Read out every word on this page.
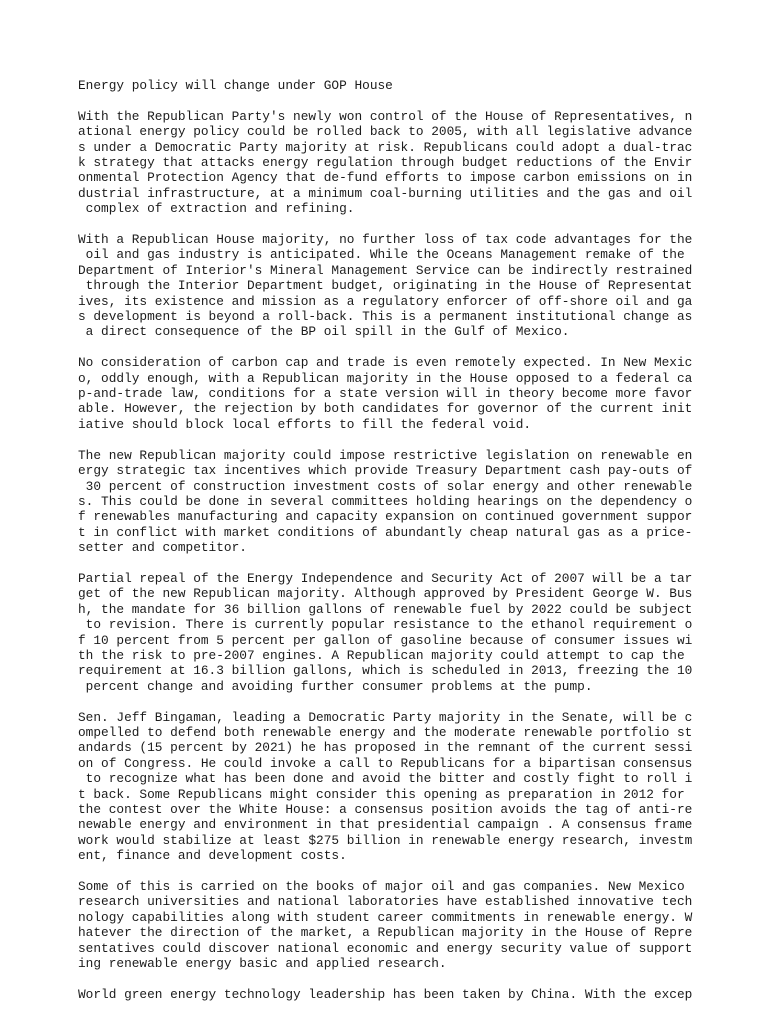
Energy policy will change under GOP House
With the Republican Party's newly won control of the House of Representatives, n
ational energy policy could be rolled back to 2005, with all legislative advance
s under a Democratic Party majority at risk. Republicans could adopt a dual-trac
k strategy that attacks energy regulation through budget reductions of the Envir
onmental Protection Agency that de-fund efforts to impose carbon emissions on in
dustrial infrastructure, at a minimum coal-burning utilities and the gas and oil
complex of extraction and refining.
With a Republican House majority, no further loss of tax code advantages for the
oil and gas industry is anticipated. While the Oceans Management remake of the
Department of Interior's Mineral Management Service can be indirectly restrained
through the Interior Department budget, originating in the House of Representat
ives, its existence and mission as a regulatory enforcer of off-shore oil and ga
s development is beyond a roll-back. This is a permanent institutional change as
a direct consequence of the BP oil spill in the Gulf of Mexico.
No consideration of carbon cap and trade is even remotely expected. In New Mexic
o, oddly enough, with a Republican majority in the House opposed to a federal ca
p-and-trade law, conditions for a state version will in theory become more favor
able. However, the rejection by both candidates for governor of the current init
iative should block local efforts to fill the federal void.
The new Republican majority could impose restrictive legislation on renewable en
ergy strategic tax incentives which provide Treasury Department cash pay-outs of
30 percent of construction investment costs of solar energy and other renewable
s. This could be done in several committees holding hearings on the dependency o
f renewables manufacturing and capacity expansion on continued government suppor
t in conflict with market conditions of abundantly cheap natural gas as a price-
setter and competitor.
Partial repeal of the Energy Independence and Security Act of 2007 will be a tar
get of the new Republican majority. Although approved by President George W. Bus
h, the mandate for 36 billion gallons of renewable fuel by 2022 could be subject
to revision. There is currently popular resistance to the ethanol requirement o
f 10 percent from 5 percent per gallon of gasoline because of consumer issues wi
th the risk to pre-2007 engines. A Republican majority could attempt to cap the
requirement at 16.3 billion gallons, which is scheduled in 2013, freezing the 10
percent change and avoiding further consumer problems at the pump.
Sen. Jeff Bingaman, leading a Democratic Party majority in the Senate, will be c
ompelled to defend both renewable energy and the moderate renewable portfolio st
andards (15 percent by 2021) he has proposed in the remnant of the current sessi
on of Congress. He could invoke a call to Republicans for a bipartisan consensus
to recognize what has been done and avoid the bitter and costly fight to roll i
t back. Some Republicans might consider this opening as preparation in 2012 for
the contest over the White House: a consensus position avoids the tag of anti-re
newable energy and environment in that presidential campaign . A consensus frame
work would stabilize at least $275 billion in renewable energy research, investm
ent, finance and development costs.
Some of this is carried on the books of major oil and gas companies. New Mexico
research universities and national laboratories have established innovative tech
nology capabilities along with student career commitments in renewable energy. W
hatever the direction of the market, a Republican majority in the House of Repre
sentatives could discover national economic and energy security value of support
ing renewable energy basic and applied research.
World green energy technology leadership has been taken by China. With the excep
